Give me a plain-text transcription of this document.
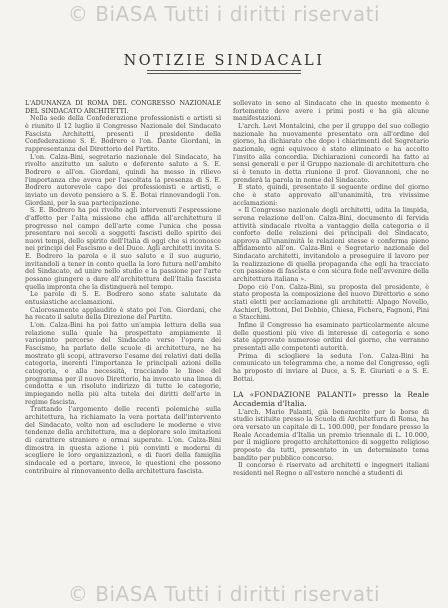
© BiASA Tutti i diritti riservati
NOTIZIE SINDACALI

L'ADUNANZA DI ROMA DEL CONGRESSO NAZIONALE DEL SINDACATO ARCHITETTI.

Nella sede della Confederazione professionisti e artisti si è riunito il 12 luglio il Congresso Nazionale del Sindacato Fascista Architetti, presenti il presidente della Confederazione S. E. Bodrero e l'on. Dante Giordani, in rappresentanza del Direttorio del Partito.

L'on. Calza-Bini, segretario nazionale del Sindacato, ha rivolto anzitutto un saluto e deferente saluto a S. E. Bodrero e all'on. Giordani, quindi ha messo in rilievo l'importanza che aveva per l'ascoltata la presenza di S. E. Bodrero autorevole capo dei professionisti e artisti, e inviato un devoto pensiero a S. E. Botai rinnovandogli l'on. Giordani, per la sua partecipazione.

S. E. Bodrero ha poi rivolto agli intervenuti l'espressione d'affetto per l'alta missione che affida all'architettura il progresso nel campo dell'arte come l'unica che possa presentare noi secoli a soggetti fascisti dello spirito dei nuovi tempi, dello spirito dell'Italia di oggi che si riconosce nei principi del Fascismo e del Duce. Agli architetti invita S. E. Bodrero la parola e il suo saluto e il suo augurio, invitandoli a tener in conto quella la loro futura nell'ambito del Sindacato, ad unire nello studio e la passione per l'arte possano giungere a dare all'architettura dell'Italia fascista quella impronta che la distinguerà nel tempo.

Le parole di S. E. Bodrero sono state salutate da entusiastiche acclamazioni.

Calorosamente applaudito è stato poi l'on. Giordani, che ha recato il saluto della Direzione del Partito.

L'on. Calza-Bini ha poi fatto un'ampia lettura della sua relazione sulla quale ha prospettato ampiamente il variopinto percorso del Sindacato verso l'opera dei Fascismo, ha parlato delle scuole di architettura, ne ha mostrato gli scopi, attraverso l'esame dei relativi dati della categoria, inerenti l'importanza le principali azioni della categoria, e alla necessità, tracciando le linee del programma per il nuovo Direttorio, ha invocato una linea di condotta e un risoluto indirizzo di tutte le categorie, impiegando nella più alta tutela dei diritti dell'arte in regime fascista.

Trattando l'argomento delle recenti polemiche sulla architettura, ha richiamato la vera portata dell'intervento del Sindacato, volto non ad escludere le moderne e vive tendenze della architettura, ma a deplorare solo imitazioni di carattere straniero e ormai superate. L'on. Calza-Bini dimostra in questa azione i più convinti e moderni di scegliere le loro organizzazioni, e di fuori della famiglia sindacale ed a portare, invece, le questioni che possono contribuire al rinnovamento della architettura fascista.

sollevato in seno al Sindacato che in questo momento è fortemente deve avere i primi posti e ha già alcune manifestazioni.

L'arch. Levi Montalcini, che per il gruppo del suo collegio nazionale ha nuovamente presentato ora all'ordine del giorno, ha dichiarato che dopo i chiarimenti del Segretario nazionale, ogni equivoco è stato eliminato e ha accolto l'invito alla concordia. Dichiarazioni concordi ha fatto ai sensi generali e per il Gruppo nazionale di architettura che si è tenuto in detta riunione il prof. Giovannoni, che ne prenderà la parola in nome del Sindacato.

E stato, quindi, presentato il seguente ordine del giorno che è stato approvato all'unanimità, tra vivissime acclamazioni:

« Il Congresso nazionale degli architetti, udita la limpida, serena relazione dell'on. Calza-Bini, documento di fervida attività sindacale rivolta a vantaggio della categoria e il conforto delle relazioni dei principali del Sindacato, approva all'unanimità le relazioni stesse e conferma pieno affidamento all'on. Calza-Bini e Segretario nazionale del Sindacato architetti, invitandolo a proseguire il lavoro per la realizzazione di quella propaganda che egli ha tracciato con passione di fascista e con sicura fede nell'avvenire della architettura italiana ».

Dopo ciò l'on. Calza-Bini, su proposta del presidente, è stato proposta la composizione del nuovo Direttorio e sono stati eletti per acclamazione gli architetti: Alpago Novello, Aschieri, Bottoni, Del Debbio, Chiesa, Fichera, Fagnoni, Pini e Stacchini.

Infine il Congresso ha esaminato particolarmente alcune delle questioni più vive di interesse di categoria e sono state approvate numerose ordini del giorno, che verranno presentati alle competenti autorità.

Prima di sciogliere la seduta l'on. Calza-Bini ha comunicato un telegramma che, a nome del Congresso, egli ha proposto di inviare al Duce, a S. E. Giuriati e a S. E. Bottai.

LA «FONDAZIONE PALANTI» presso la Reale Accademia d'Italia.

L'arch. Mario Palanti, già benemerito per le borse di studio istituite presso la Scuola di Architettura di Roma, ha ora versato un capitale di L. 100.000, per fondare presso la Reale Accademia d'Italia un premio triennale di L. 10.000, per il migliore progetto architettonico di soggetto religioso proposto da tutti, presentato in un determinato tema bandito per pubblico concorso.

Il concorso è riservato ad architetti e ingegneri italiani residenti nel Regno o all'estero nonché a studenti di

© BiASA Tutti i diritti riservati
